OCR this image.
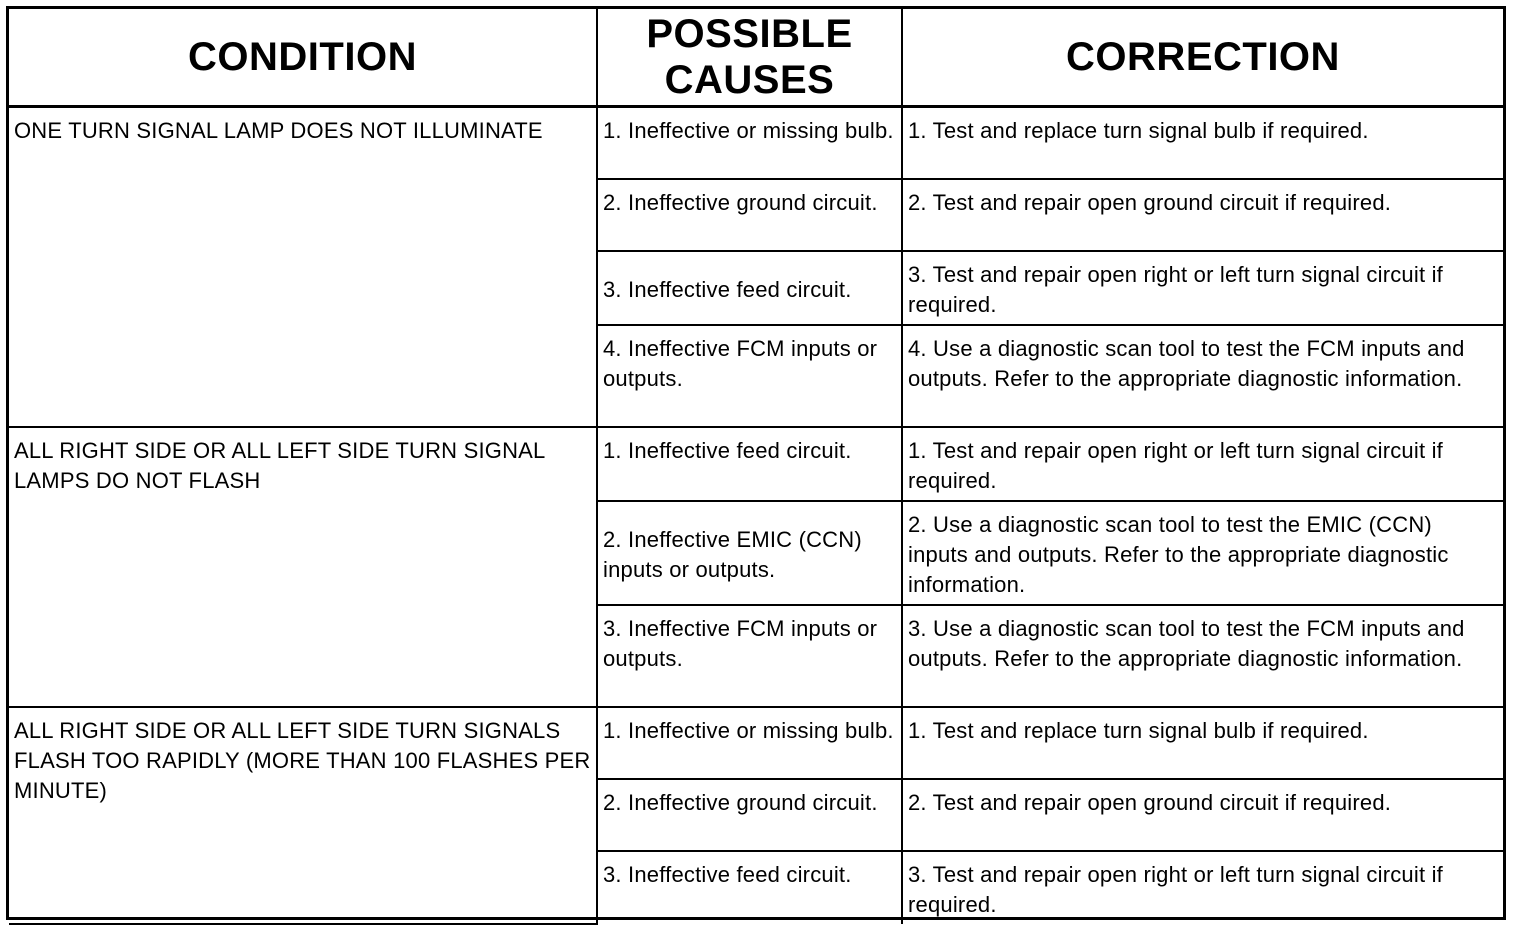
CONDITION	POSSIBLE CAUSES	CORRECTION
ONE TURN SIGNAL LAMP DOES NOT ILLUMINATE	1. Ineffective or missing bulb.	1. Test and replace turn signal bulb if required.
	2. Ineffective ground circuit.	2. Test and repair open ground circuit if required.
	3. Ineffective feed circuit.	3. Test and repair open right or left turn signal circuit if required.
	4. Ineffective FCM inputs or outputs.	4. Use a diagnostic scan tool to test the FCM inputs and outputs. Refer to the appropriate diagnostic information.
ALL RIGHT SIDE OR ALL LEFT SIDE TURN SIGNAL LAMPS DO NOT FLASH	1. Ineffective feed circuit.	1. Test and repair open right or left turn signal circuit if required.
	2. Ineffective EMIC (CCN) inputs or outputs.	2. Use a diagnostic scan tool to test the EMIC (CCN) inputs and outputs. Refer to the appropriate diagnostic information.
	3. Ineffective FCM inputs or outputs.	3. Use a diagnostic scan tool to test the FCM inputs and outputs. Refer to the appropriate diagnostic information.
ALL RIGHT SIDE OR ALL LEFT SIDE TURN SIGNALS FLASH TOO RAPIDLY (MORE THAN 100 FLASHES PER MINUTE)	1. Ineffective or missing bulb.	1. Test and replace turn signal bulb if required.
	2. Ineffective ground circuit.	2. Test and repair open ground circuit if required.
	3. Ineffective feed circuit.	3. Test and repair open right or left turn signal circuit if required.
